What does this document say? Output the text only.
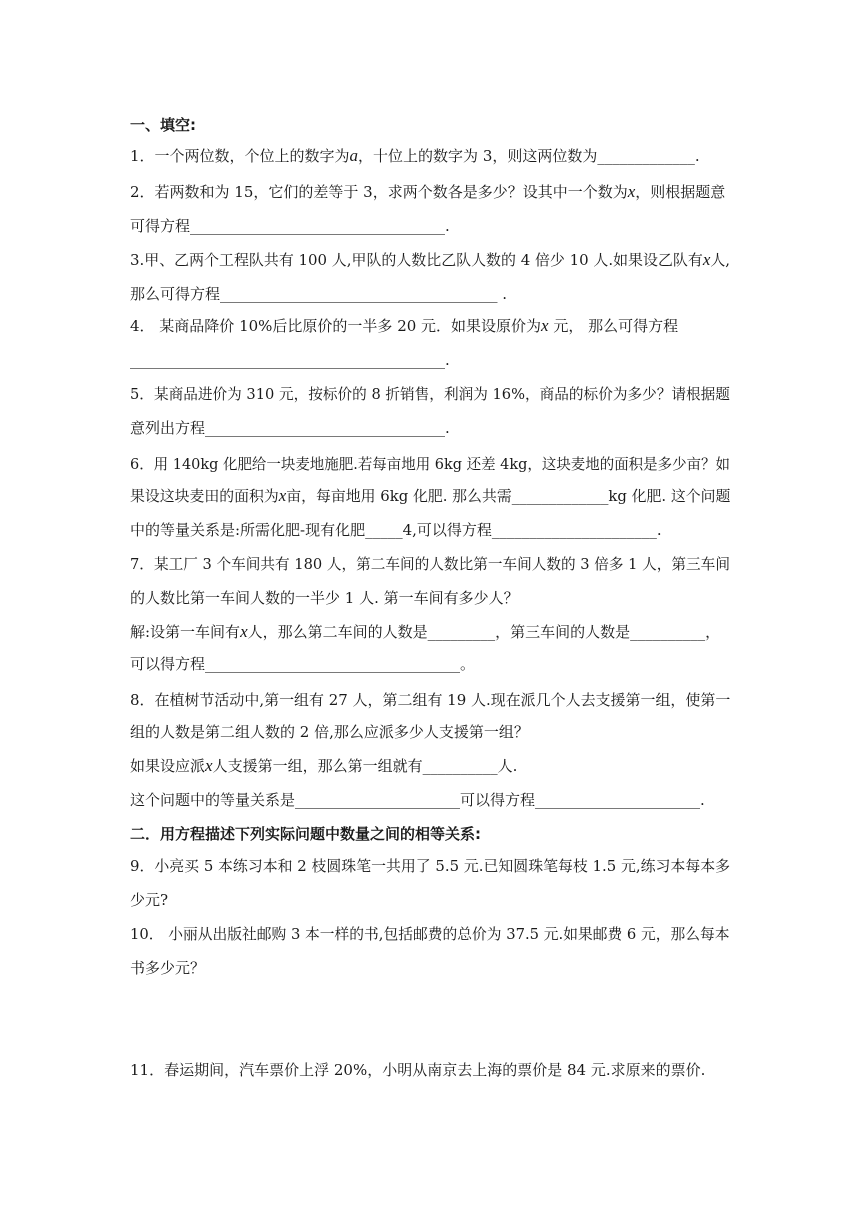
一、填空:
1．一个两位数，个位上的数字为a，十位上的数字为 3，则这两位数为_____________.
2．若两数和为 15，它们的差等于 3，求两个数各是多少？设其中一个数为x，则根据题意
可得方程__________________________________.
3.甲、乙两个工程队共有 100 人,甲队的人数比乙队人数的 4 倍少 10 人.如果设乙队有x人,
那么可得方程_____________________________________ .
4． 某商品降价 10%后比原价的一半多 20 元．如果设原价为x 元， 那么可得方程
__________________________________________.
5．某商品进价为 310 元，按标价的 8 折销售，利润为 16%，商品的标价为多少？请根据题
意列出方程________________________________.
6．用 140kg 化肥给一块麦地施肥.若每亩地用 6kg 还差 4kg，这块麦地的面积是多少亩？如
果设这块麦田的面积为x亩，每亩地用 6kg 化肥. 那么共需_____________kg 化肥. 这个问题
中的等量关系是:所需化肥-现有化肥_____4,可以得方程______________________.
7．某工厂 3 个车间共有 180 人，第二车间的人数比第一车间人数的 3 倍多 1 人，第三车间
的人数比第一车间人数的一半少 1 人. 第一车间有多少人？
解:设第一车间有x人，那么第二车间的人数是_________，第三车间的人数是__________，
可以得方程__________________________________。
8．在植树节活动中,第一组有 27 人，第二组有 19 人.现在派几个人去支援第一组，使第一
组的人数是第二组人数的 2 倍,那么应派多少人支援第一组？
如果设应派x人支援第一组，那么第一组就有__________人.
这个问题中的等量关系是______________________可以得方程______________________.
二．用方程描述下列实际问题中数量之间的相等关系:
9．小亮买 5 本练习本和 2 枝圆珠笔一共用了 5.5 元.已知圆珠笔每枝 1.5 元,练习本每本多
少元?
10． 小丽从出版社邮购 3 本一样的书,包括邮费的总价为 37.5 元.如果邮费 6 元，那么每本
书多少元？
11．春运期间，汽车票价上浮 20%，小明从南京去上海的票价是 84 元.求原来的票价.
